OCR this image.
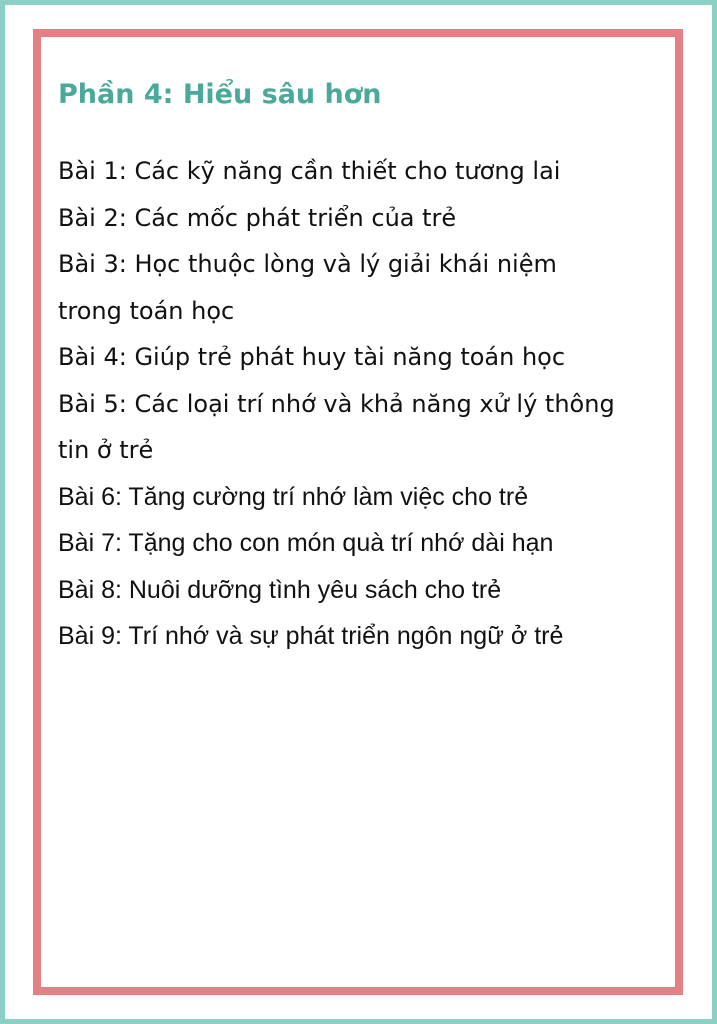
Phần 4: Hiểu sâu hơn
Bài 1: Các kỹ năng cần thiết cho tương lai
Bài 2: Các mốc phát triển của trẻ
Bài 3: Học thuộc lòng và lý giải khái niệm trong toán học
Bài 4: Giúp trẻ phát huy tài năng toán học
Bài 5: Các loại trí nhớ và khả năng xử lý thông tin ở trẻ
Bài 6: Tăng cường trí nhớ làm việc cho trẻ
Bài 7: Tặng cho con món quà trí nhớ dài hạn
Bài 8: Nuôi dưỡng tình yêu sách cho trẻ
Bài 9: Trí nhớ và sự phát triển ngôn ngữ ở trẻ
